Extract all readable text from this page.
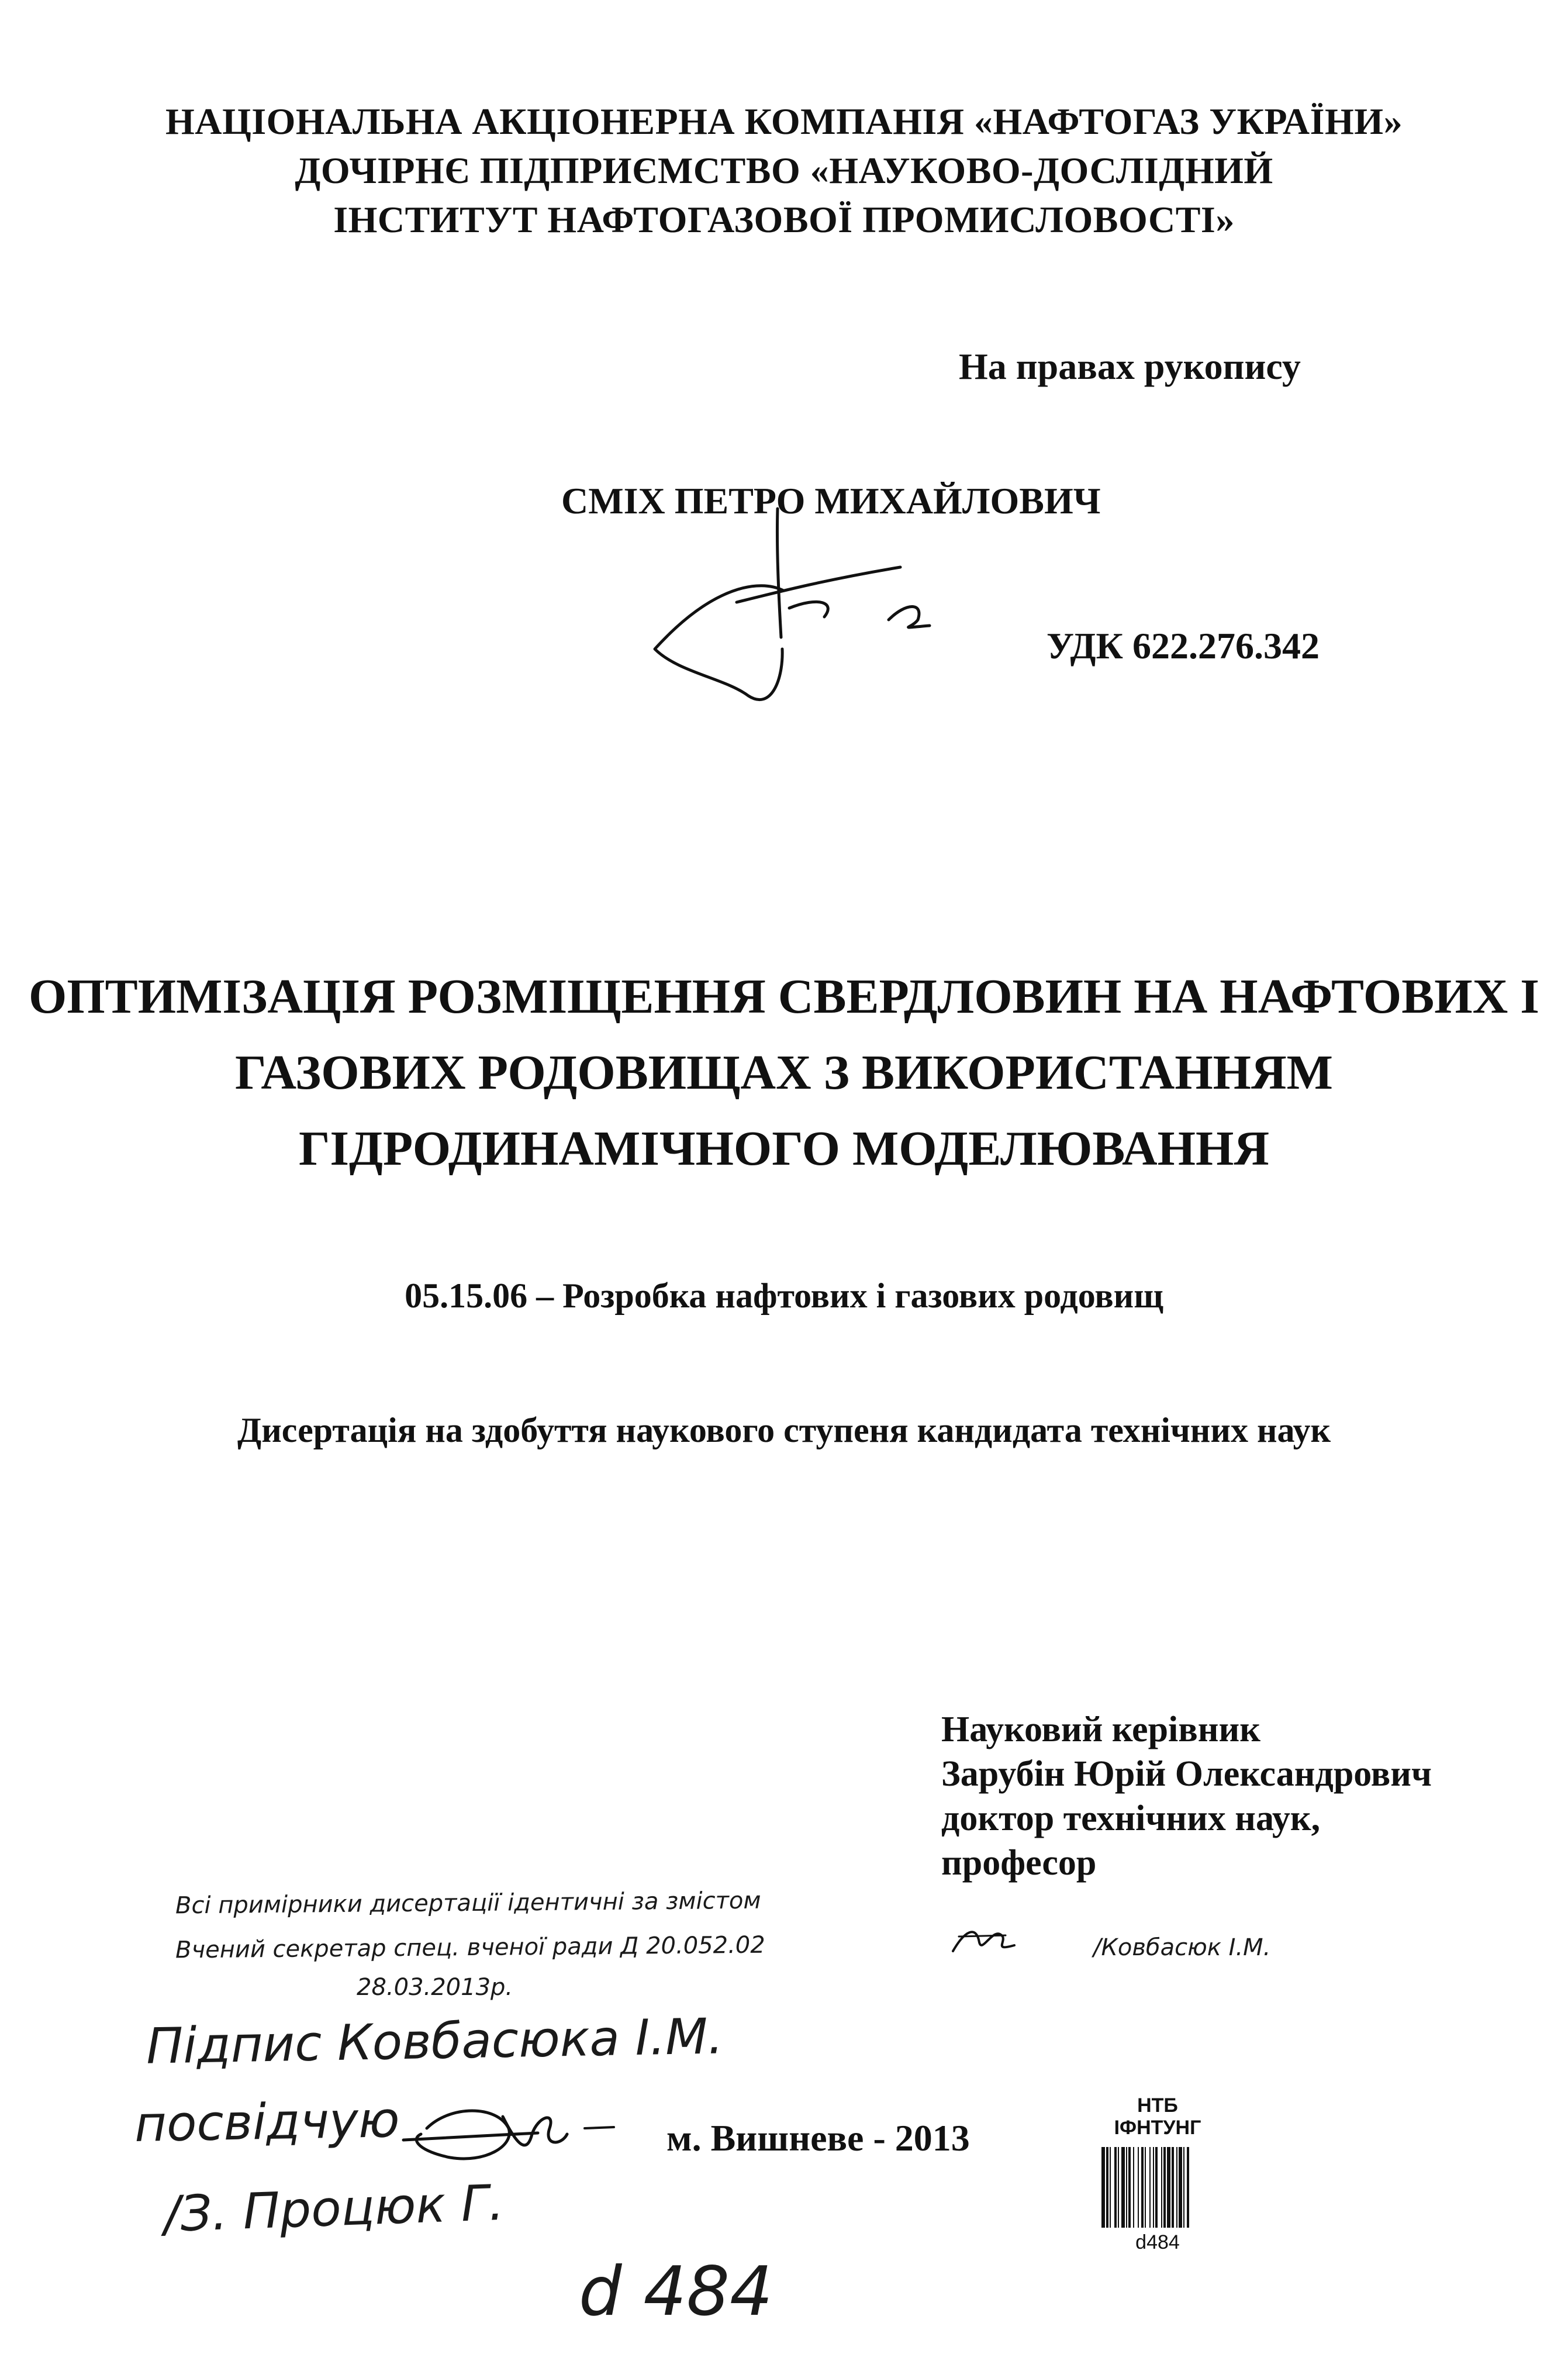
НАЦІОНАЛЬНА АКЦІОНЕРНА КОМПАНІЯ «НАФТОГАЗ УКРАЇНИ»
ДОЧІРНЄ ПІДПРИЄМСТВО «НАУКОВО-ДОСЛІДНИЙ
ІНСТИТУТ НАФТОГАЗОВОЇ ПРОМИСЛОВОСТІ»
На правах рукопису
СМІХ ПЕТРО МИХАЙЛОВИЧ
УДК 622.276.342
ОПТИМІЗАЦІЯ РОЗМІЩЕННЯ СВЕРДЛОВИН НА НАФТОВИХ І
ГАЗОВИХ РОДОВИЩАХ З ВИКОРИСТАННЯМ
ГІДРОДИНАМІЧНОГО МОДЕЛЮВАННЯ
05.15.06 – Розробка нафтових і газових родовищ
Дисертація на здобуття наукового ступеня кандидата технічних наук
Науковий керівник
Зарубін Юрій Олександрович
доктор технічних наук,
професор
Всі примірники дисертації ідентичні за змістом
Вчений секретар спец. вченої ради Д 20.052.02	/Ковбасюк І.М.
28.03.2013р.
Підпис Ковбасюка І.М.
посвідчую
/З. Процюк Г.
d 484
м. Вишневе - 2013
НТБ
ІФНТУНГ
d484
